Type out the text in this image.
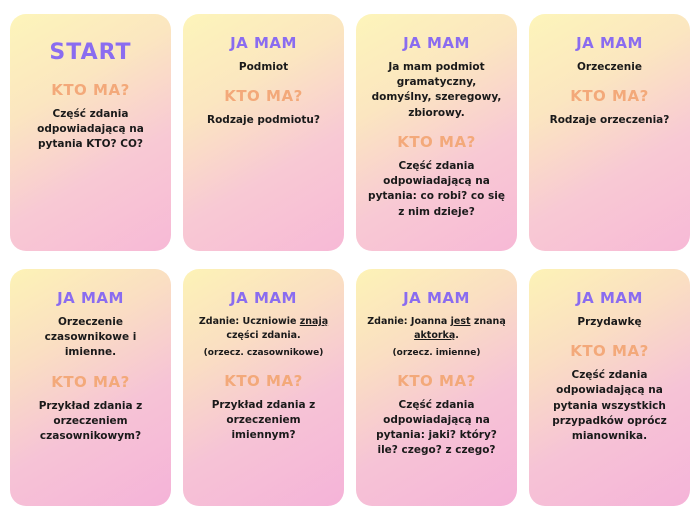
START
KTO MA?
Część zdania odpowiadającą na pytania KTO? CO?
JA MAM
Podmiot
KTO MA?
Rodzaje podmiotu?
JA MAM
Ja mam podmiot gramatyczny, domyślny, szeregowy, zbiorowy.
KTO MA?
Część zdania odpowiadającą na pytania: co robi? co się z nim dzieje?
JA MAM
Orzeczenie
KTO MA?
Rodzaje orzeczenia?
JA MAM
Orzeczenie czasownikowe i imienne.
KTO MA?
Przykład zdania z orzeczeniem czasownikowym?
JA MAM
Zdanie: Uczniowie znają części zdania.
(orzecz. czasownikowe)
KTO MA?
Przykład zdania z orzeczeniem imiennym?
JA MAM
Zdanie: Joanna jest znaną aktorką.
(orzecz. imienne)
KTO MA?
Część zdania odpowiadającą na pytania: jaki? który? ile? czego? z czego?
JA MAM
Przydawkę
KTO MA?
Część zdania odpowiadającą na pytania wszystkich przypadków oprócz mianownika.
